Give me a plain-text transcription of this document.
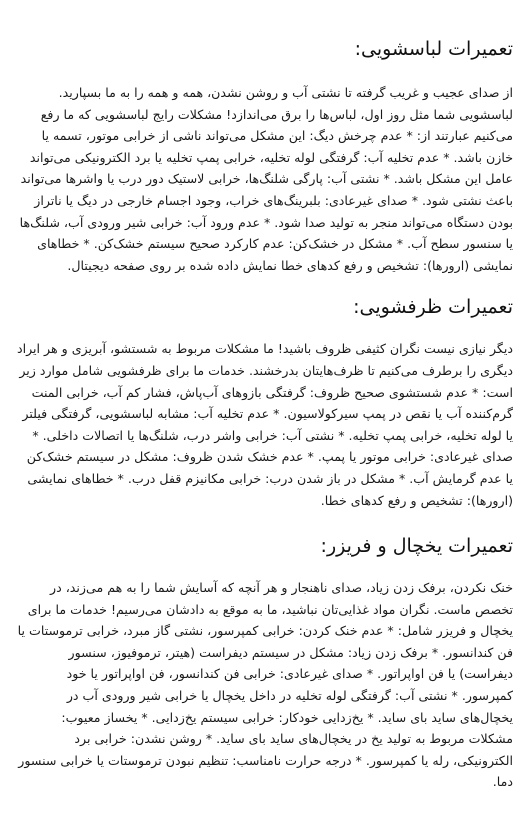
تعمیرات لباسشویی:

از صدای عجیب و غریب گرفته تا نشتی آب و روشن نشدن، همه و همه را به ما بسپارید. لباسشویی شما مثل روز اول، لباس‌ها را برق می‌اندازد! مشکلات رایج لباسشویی که ما رفع می‌کنیم عبارتند از: * عدم چرخش دیگ: این مشکل می‌تواند ناشی از خرابی موتور، تسمه یا خازن باشد. * عدم تخلیه آب: گرفتگی لوله تخلیه، خرابی پمپ تخلیه یا برد الکترونیکی می‌تواند عامل این مشکل باشد. * نشتی آب: پارگی شلنگ‌ها، خرابی لاستیک دور درب یا واشرها می‌تواند باعث نشتی شود. * صدای غیرعادی: بلبرینگ‌های خراب، وجود اجسام خارجی در دیگ یا ناتراز بودن دستگاه می‌تواند منجر به تولید صدا شود. * عدم ورود آب: خرابی شیر ورودی آب، شلنگ‌ها یا سنسور سطح آب. * مشکل در خشک‌کن: عدم کارکرد صحیح سیستم خشک‌کن. * خطاهای نمایشی (ارورها): تشخیص و رفع کدهای خطا نمایش داده شده بر روی صفحه دیجیتال.

تعمیرات ظرفشویی:

دیگر نیازی نیست نگران کثیفی ظروف باشید! ما مشکلات مربوط به شستشو، آبریزی و هر ایراد دیگری را برطرف می‌کنیم تا ظرف‌هایتان بدرخشند. خدمات ما برای ظرفشویی شامل موارد زیر است: * عدم شستشوی صحیح ظروف: گرفتگی بازوهای آب‌پاش، فشار کم آب، خرابی المنت گرم‌کننده آب یا نقص در پمپ سیرکولاسیون. * عدم تخلیه آب: مشابه لباسشویی، گرفتگی فیلتر یا لوله تخلیه، خرابی پمپ تخلیه. * نشتی آب: خرابی واشر درب، شلنگ‌ها یا اتصالات داخلی. * صدای غیرعادی: خرابی موتور یا پمپ. * عدم خشک شدن ظروف: مشکل در سیستم خشک‌کن یا عدم گرمایش آب. * مشکل در باز شدن درب: خرابی مکانیزم قفل درب. * خطاهای نمایشی (ارورها): تشخیص و رفع کدهای خطا.

تعمیرات یخچال و فریزر:

خنک نکردن، برفک زدن زیاد، صدای ناهنجار و هر آنچه که آسایش شما را به هم می‌زند، در تخصص ماست. نگران مواد غذایی‌تان نباشید، ما به موقع به دادشان می‌رسیم! خدمات ما برای یخچال و فریزر شامل: * عدم خنک کردن: خرابی کمپرسور، نشتی گاز مبرد، خرابی ترموستات یا فن کندانسور. * برفک زدن زیاد: مشکل در سیستم دیفراست (هیتر، ترموفیوز، سنسور دیفراست) یا فن اواپراتور. * صدای غیرعادی: خرابی فن کندانسور، فن اواپراتور یا خود کمپرسور. * نشتی آب: گرفتگی لوله تخلیه در داخل یخچال یا خرابی شیر ورودی آب در یخچال‌های ساید بای ساید. * یخ‌زدایی خودکار: خرابی سیستم یخ‌زدایی. * یخساز معیوب: مشکلات مربوط به تولید یخ در یخچال‌های ساید بای ساید. * روشن نشدن: خرابی برد الکترونیکی، رله یا کمپرسور. * درجه حرارت نامناسب: تنظیم نبودن ترموستات یا خرابی سنسور دما.
